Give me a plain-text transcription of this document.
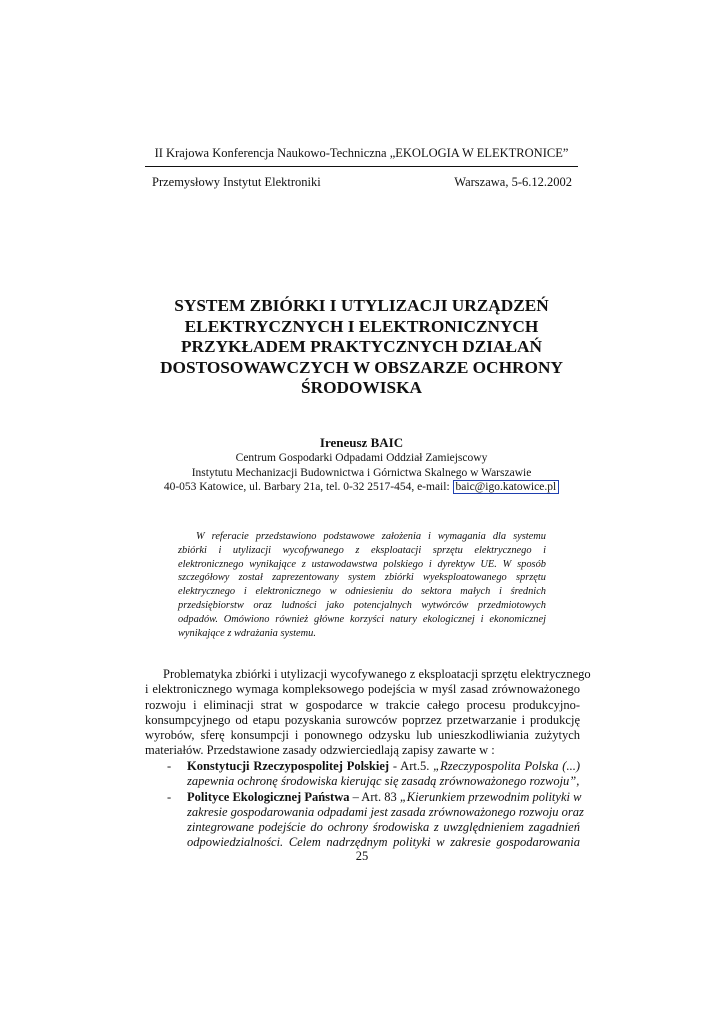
II Krajowa Konferencja Naukowo-Techniczna „EKOLOGIA W ELEKTRONICE”
Przemysłowy Instytut Elektroniki	Warszawa, 5-6.12.2002
SYSTEM ZBIÓRKI I UTYLIZACJI URZĄDZEŃ
ELEKTRYCZNYCH I ELEKTRONICZNYCH
PRZYKŁADEM PRAKTYCZNYCH DZIAŁAŃ
DOSTOSOWAWCZYCH W OBSZARZE OCHRONY
ŚRODOWISKA
Ireneusz BAIC
Centrum Gospodarki Odpadami Oddział Zamiejscowy
Instytutu Mechanizacji Budownictwa i Górnictwa Skalnego w Warszawie
40-053 Katowice, ul. Barbary 21a, tel. 0-32 2517-454, e-mail: baic@igo.katowice.pl
W referacie przedstawiono podstawowe założenia i wymagania dla systemu
zbiórki i utylizacji wycofywanego z eksploatacji sprzętu elektrycznego i
elektronicznego wynikające z ustawodawstwa polskiego i dyrektyw UE. W sposób
szczegółowy został zaprezentowany system zbiórki wyeksploatowanego sprzętu
elektrycznego i elektronicznego w odniesieniu do sektora małych i średnich
przedsiębiorstw oraz ludności jako potencjalnych wytwórców przedmiotowych
odpadów. Omówiono również główne korzyści natury ekologicznej i ekonomicznej
wynikające z wdrażania systemu.
Problematyka zbiórki i utylizacji wycofywanego z eksploatacji sprzętu elektrycznego
i elektronicznego wymaga kompleksowego podejścia w myśl zasad zrównoważonego
rozwoju i eliminacji strat w gospodarce w trakcie całego procesu produkcyjno-
konsumpcyjnego od etapu pozyskania surowców poprzez przetwarzanie i produkcję
wyrobów, sferę konsumpcji i ponownego odzysku lub unieszkodliwiania zużytych
materiałów. Przedstawione zasady odzwierciedlają zapisy zawarte w :
- Konstytucji Rzeczypospolitej Polskiej - Art.5. „Rzeczypospolita Polska (...)
zapewnia ochronę środowiska kierując się zasadą zrównoważonego rozwoju”,
- Polityce Ekologicznej Państwa – Art. 83 „Kierunkiem przewodnim polityki w
zakresie gospodarowania odpadami jest zasada zrównoważonego rozwoju oraz
zintegrowane podejście do ochrony środowiska z uwzględnieniem zagadnień
odpowiedzialności. Celem nadrzędnym polityki w zakresie gospodarowania
25
